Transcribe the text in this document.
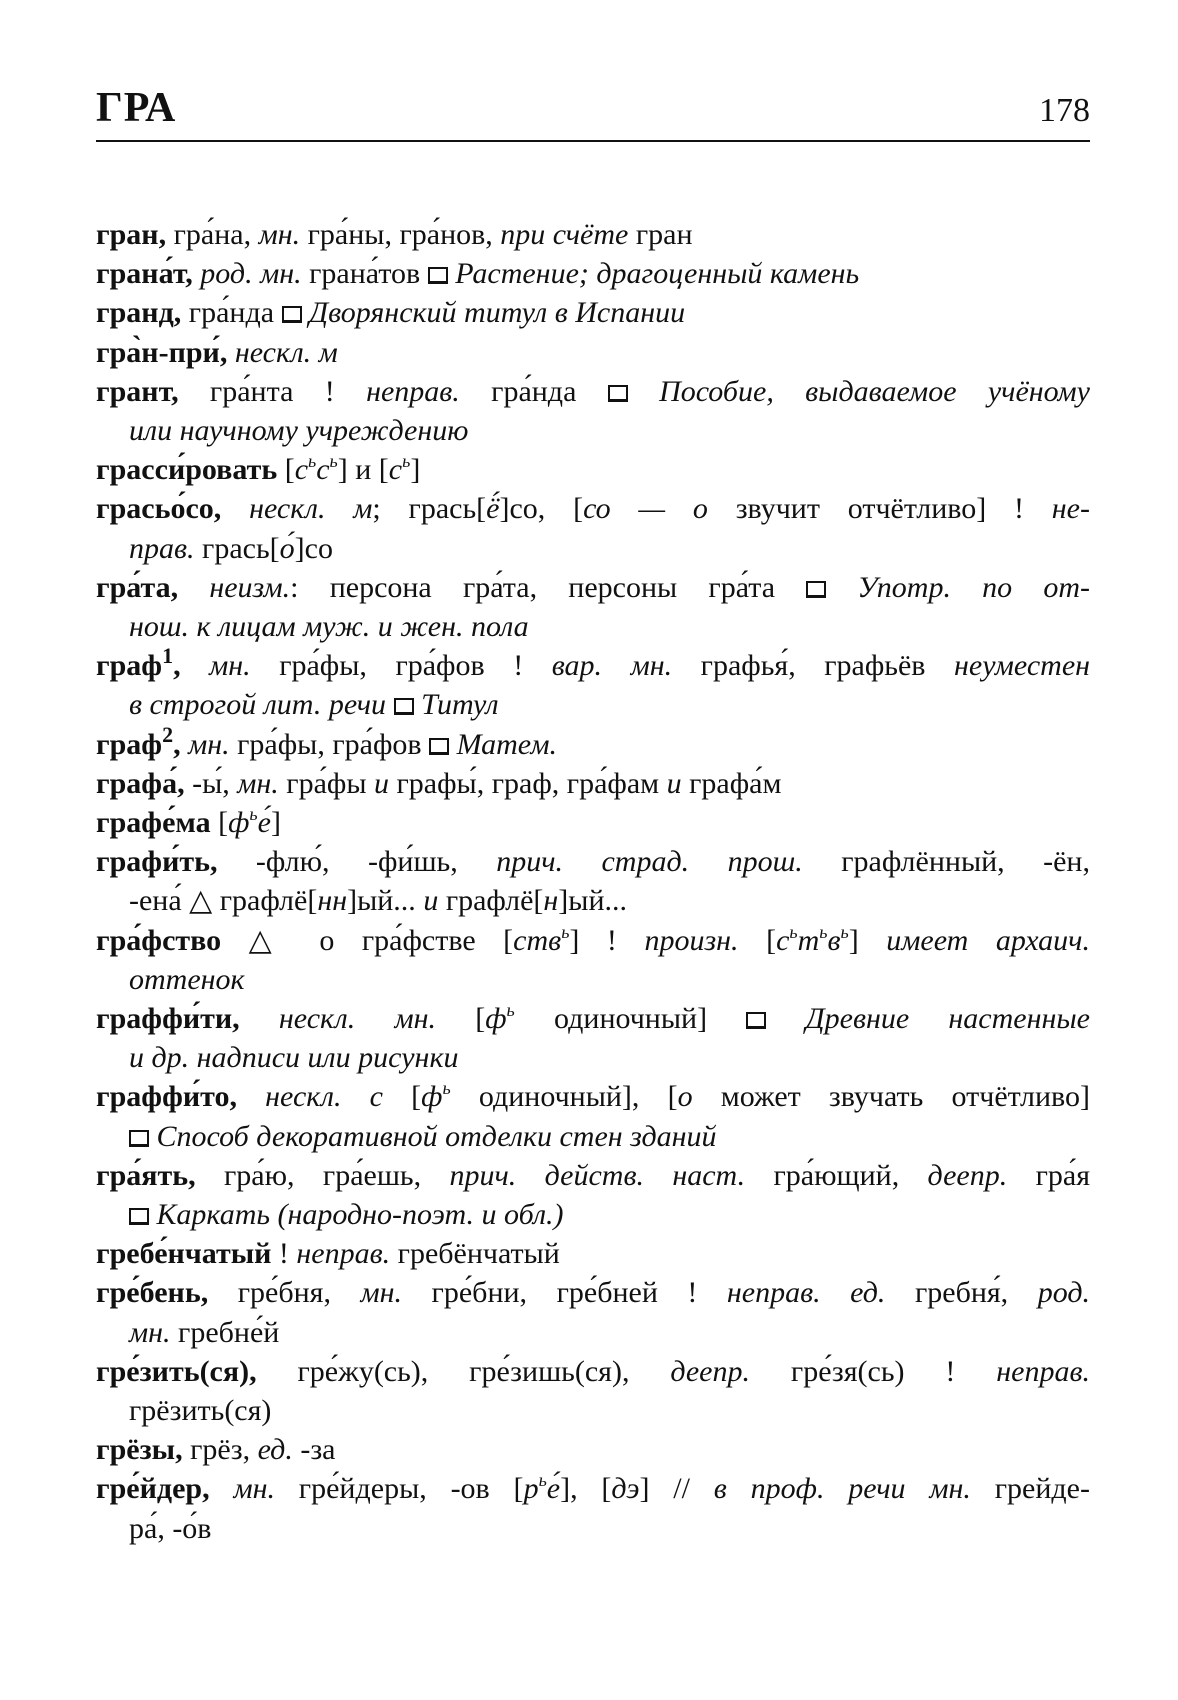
ГРА	178
гран, гра́на, мн. гра́ны, гра́нов, при счёте гран
грана́т, род. мн. грана́тов  Растение; драгоценный камень
гранд, гра́нда  Дворянский титул в Испании
гра̀н-при́, нескл. м
грант, гра́нта ! неправ. гра́нда  Пособие, выдаваемое учёному
или научному учреждению
грасси́ровать $[с^ьс^ь]$ и $[с^ь]$
грасьо́со, нескл. м; грась[ё́]со, [со — о звучит отчётливо] ! не-
прав. грась[о́]со
гра́та, неизм.: персона гра́та, персоны гра́та  Употр. по от-
нош. к лицам муж. и жен. пола
граф$^1$, мн. гра́фы, гра́фов ! вар. мн. графья́, графьёв неуместен
в строгой лит. речи  Титул
граф$^2$, мн. гра́фы, гра́фов  Матем.
графа́, -ы́, мн. гра́фы и графы́, граф, гра́фам и графа́м
графе́ма $[ф^ье́]$
графи́ть, -флю́, -фи́шь, прич. страд. прош. графлённый, -ён,
-ена́ △ графлё[нн]ый... и графлё[н]ый...
гра́фство △ о гра́фстве [ств$^ь$] ! произн. $[с^ьт^ьв^ь]$ имеет архаич.
оттенок
граффи́ти, нескл. мн. [$ф^ь$ одиночный]  Древние настенные
и др. надписи или рисунки
граффи́то, нескл. с [$ф^ь$ одиночный], [о может звучать отчётливо]
Способ декоративной отделки стен зданий
гра́ять, гра́ю, гра́ешь, прич. действ. наст. гра́ющий, деепр. гра́я
Каркать (народно-поэт. и обл.)
гребе́нчатый ! неправ. гребёнчатый
гре́бень, гре́бня, мн. гре́бни, гре́бней ! неправ. ед. гребня́, род.
мн. гребне́й
гре́зить(ся), гре́жу(сь), гре́зишь(ся), деепр. гре́зя(сь) ! неправ.
грёзить(ся)
грёзы, грёз, ед. -за
гре́йдер, мн. гре́йдеры, -ов $[р^ье́]$, [дэ] // в проф. речи мн. грейде-
ра́, -о́в
